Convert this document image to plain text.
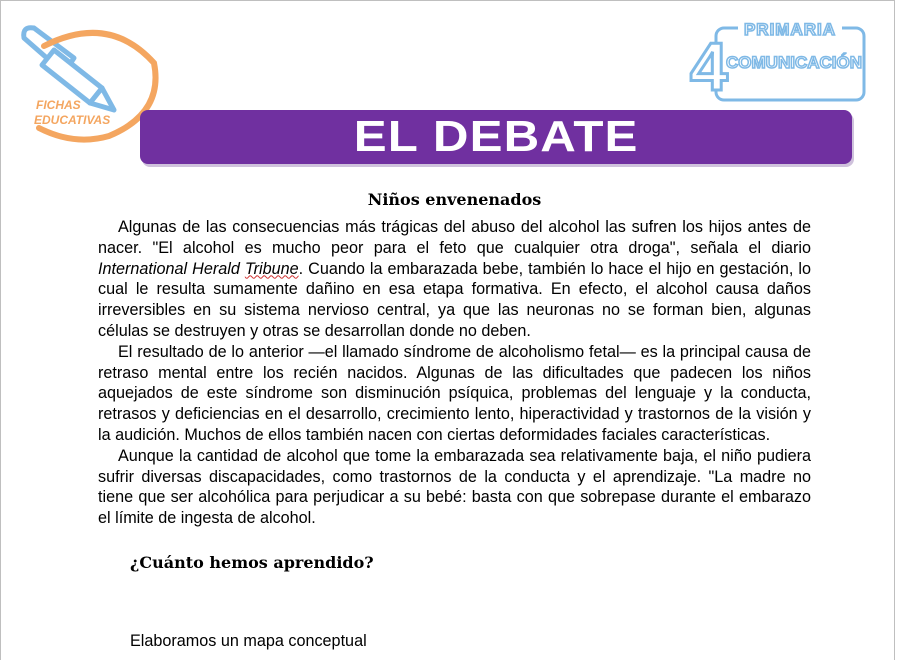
FICHAS
EDUCATIVAS
PRIMARIA
4
COMUNICACIÓN
EL DEBATE
Niños envenenados

Algunas de las consecuencias más trágicas del abuso del alcohol las sufren los hijos antes de nacer. "El alcohol es mucho peor para el feto que cualquier otra droga", señala el diario International Herald Tribune. Cuando la embarazada bebe, también lo hace el hijo en gestación, lo cual le resulta sumamente dañino en esa etapa formativa. En efecto, el alcohol causa daños irreversibles en su sistema nervioso central, ya que las neuronas no se forman bien, algunas células se destruyen y otras se desarrollan donde no deben.

El resultado de lo anterior —el llamado síndrome de alcoholismo fetal— es la principal causa de retraso mental entre los recién nacidos. Algunas de las dificultades que padecen los niños aquejados de este síndrome son disminución psíquica, problemas del lenguaje y la conducta, retrasos y deficiencias en el desarrollo, crecimiento lento, hiperactividad y trastornos de la visión y la audición. Muchos de ellos también nacen con ciertas deformidades faciales características.

Aunque la cantidad de alcohol que tome la embarazada sea relativamente baja, el niño pudiera sufrir diversas discapacidades, como trastornos de la conducta y el aprendizaje. "La madre no tiene que ser alcohólica para perjudicar a su bebé: basta con que sobrepase durante el embarazo el límite de ingesta de alcohol.

¿Cuánto hemos aprendido?
Elaboramos un mapa conceptual
